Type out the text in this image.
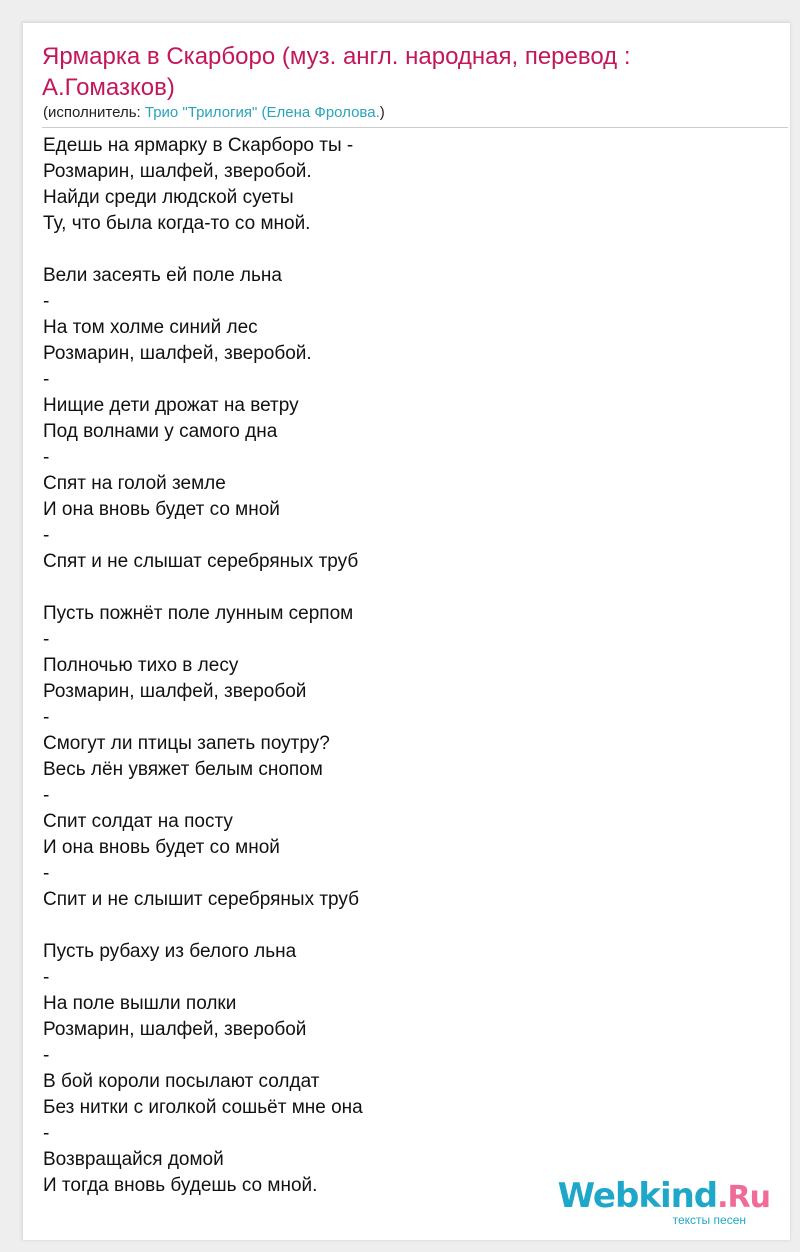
Ярмарка в Скарборо (муз. англ. народная, перевод : А.Гомазков)
(исполнитель: Трио "Трилогия" (Елена Фролова.)
Едешь на ярмарку в Скарборо ты -
Розмарин, шалфей, зверобой.
Найди среди людской суеты
Ту, что была когда-то со мной.
Вели засеять ей поле льна
-
На том холме синий лес
Розмарин, шалфей, зверобой.
-
Нищие дети дрожат на ветру
Под волнами у самого дна
-
Спят на голой земле
И она вновь будет со мной
-
Спят и не слышат серебряных труб
Пусть пожнёт поле лунным серпом
-
Полночью тихо в лесу
Розмарин, шалфей, зверобой
-
Смогут ли птицы запеть поутру?
Весь лён увяжет белым снопом
-
Спит солдат на посту
И она вновь будет со мной
-
Спит и не слышит серебряных труб
Пусть рубаху из белого льна
-
На поле вышли полки
Розмарин, шалфей, зверобой
-
В бой короли посылают солдат
Без нитки с иголкой сошьёт мне она
-
Возвращайся домой
И тогда вновь будешь со мной.	Webkind.Ru
тексты песен
